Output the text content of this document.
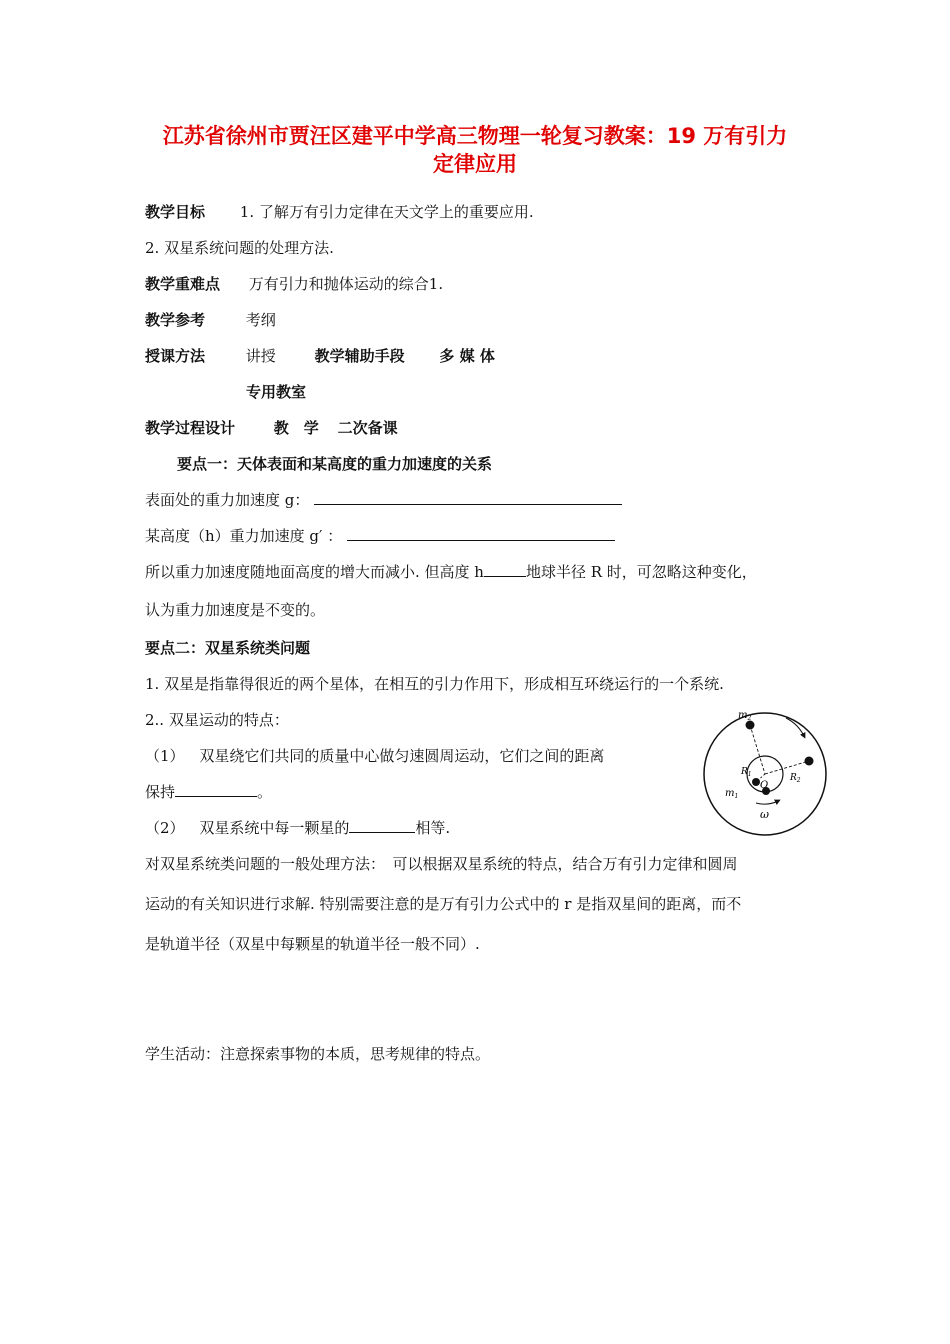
江苏省徐州市贾汪区建平中学高三物理一轮复习教案：19 万有引力
定律应用
教学目标 1. 了解万有引力定律在天文学上的重要应用.
2. 双星系统问题的处理方法.
教学重难点 万有引力和抛体运动的综合1.
教学参考	考纲
授课方法	讲授	教学辅助手段 多 媒 体
专用教室
教学过程设计	教　学 二次备课
要点一：天体表面和某高度的重力加速度的关系
表面处的重力加速度 g：
某高度（h）重力加速度 g′ ：
所以重力加速度随地面高度的增大而减小. 但高度 h	地球半径 R 时，可忽略这种变化，
认为重力加速度是不变的。
要点二：双星系统类问题
1. 双星是指靠得很近的两个星体，在相互的引力作用下，形成相互环绕运行的一个系统.
2.. 双星运动的特点：
（1） 双星绕它们共同的质量中心做匀速圆周运动，它们之间的距离
保持	。
（2） 双星系统中每一颗星的	相等.
对双星系统类问题的一般处理方法：　可以根据双星系统的特点，结合万有引力定律和圆周
运动的有关知识进行求解. 特别需要注意的是万有引力公式中的 r 是指双星间的距离，而不
是轨道半径（双星中每颗星的轨道半径一般不同）.
学生活动：注意探索事物的本质，思考规律的特点。
$m_2$
$m_1$
$R_1$	$R_2$
O
ω
